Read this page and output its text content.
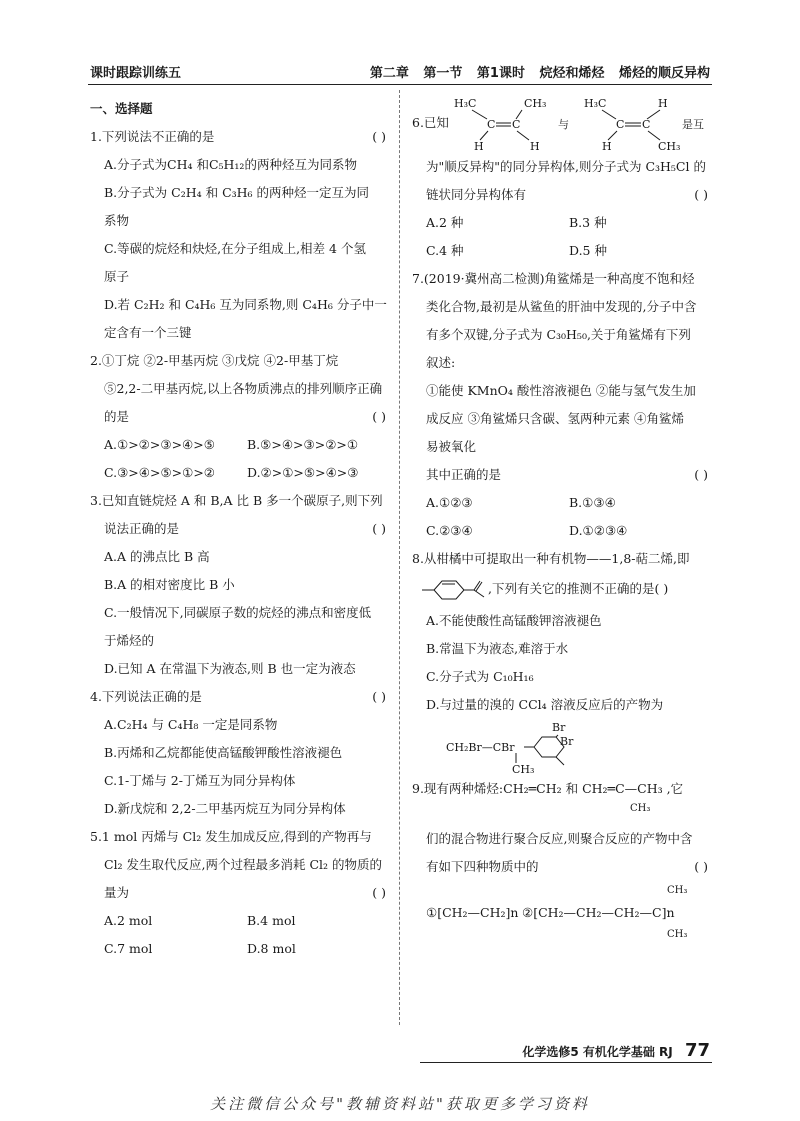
课时跟踪训练五	第二章 第一节 第1课时 烷烃和烯烃 烯烃的顺反异构
一、选择题
( )
1.下列说法不正确的是
A.分子式为CH₄ 和C₅H₁₂的两种烃互为同系物
B.分子式为 C₂H₄ 和 C₃H₆ 的两种烃一定互为同
系物
C.等碳的烷烃和炔烃,在分子组成上,相差 4 个氢
原子
D.若 C₂H₂ 和 C₄H₆ 互为同系物,则 C₄H₆ 分子中一
定含有一个三键
2.①丁烷 ②2-甲基丙烷 ③戊烷 ④2-甲基丁烷
⑤2,2-二甲基丙烷,以上各物质沸点的排列顺序正确
( )
的是
A.①>②>③>④>⑤	B.⑤>④>③>②>①
C.③>④>⑤>①>②	D.②>①>⑤>④>③
3.已知直链烷烃 A 和 B,A 比 B 多一个碳原子,则下列
( )
说法正确的是
A.A 的沸点比 B 高
B.A 的相对密度比 B 小
C.一般情况下,同碳原子数的烷烃的沸点和密度低
于烯烃的
D.已知 A 在常温下为液态,则 B 也一定为液态
( )
4.下列说法正确的是
A.C₂H₄ 与 C₄H₈ 一定是同系物
B.丙烯和乙烷都能使高锰酸钾酸性溶液褪色
C.1-丁烯与 2-丁烯互为同分异构体
D.新戊烷和 2,2-二甲基丙烷互为同分异构体
5.1 mol 丙烯与 Cl₂ 发生加成反应,得到的产物再与
Cl₂ 发生取代反应,两个过程最多消耗 Cl₂ 的物质的
( )
量为
A.2 mol	B.4 mol
C.7 mol	D.8 mol
6.已知
H₃C	CH₃
C C
H	H
与
H₃C	H
C C
H	CH₃
是互
为"顺反异构"的同分异构体,则分子式为 C₃H₅Cl 的
( )
链状同分异构体有
A.2 种	B.3 种
C.4 种	D.5 种
7.(2019·冀州高二检测)角鲨烯是一种高度不饱和烃
类化合物,最初是从鲨鱼的肝油中发现的,分子中含
有多个双键,分子式为 C₃₀H₅₀,关于角鲨烯有下列
叙述:
①能使 KMnO₄ 酸性溶液褪色 ②能与氢气发生加
成反应 ③角鲨烯只含碳、氢两种元素 ④角鲨烯
易被氧化
( )
其中正确的是
A.①②③	B.①③④
C.②③④	D.①②③④
8.从柑橘中可提取出一种有机物——1,8-萜二烯,即
,下列有关它的推测不正确的是( )
A.不能使酸性高锰酸钾溶液褪色
B.常温下为液态,难溶于水
C.分子式为 C₁₀H₁₆
D.与过量的溴的 CCl₄ 溶液反应后的产物为
CH₂Br—CBr
CH₃
Br
Br
9.现有两种烯烃:CH₂═CH₂ 和 CH₂═C—CH₃ ,它
CH₃
们的混合物进行聚合反应,则聚合反应的产物中含
( )
有如下四种物质中的
①[CH₂—CH₂]n ②[CH₂—CH₂—CH₂—C]n
CH₃
CH₃
化学选修5 有机化学基础 RJ 77
关注微信公众号"教辅资料站"获取更多学习资料
